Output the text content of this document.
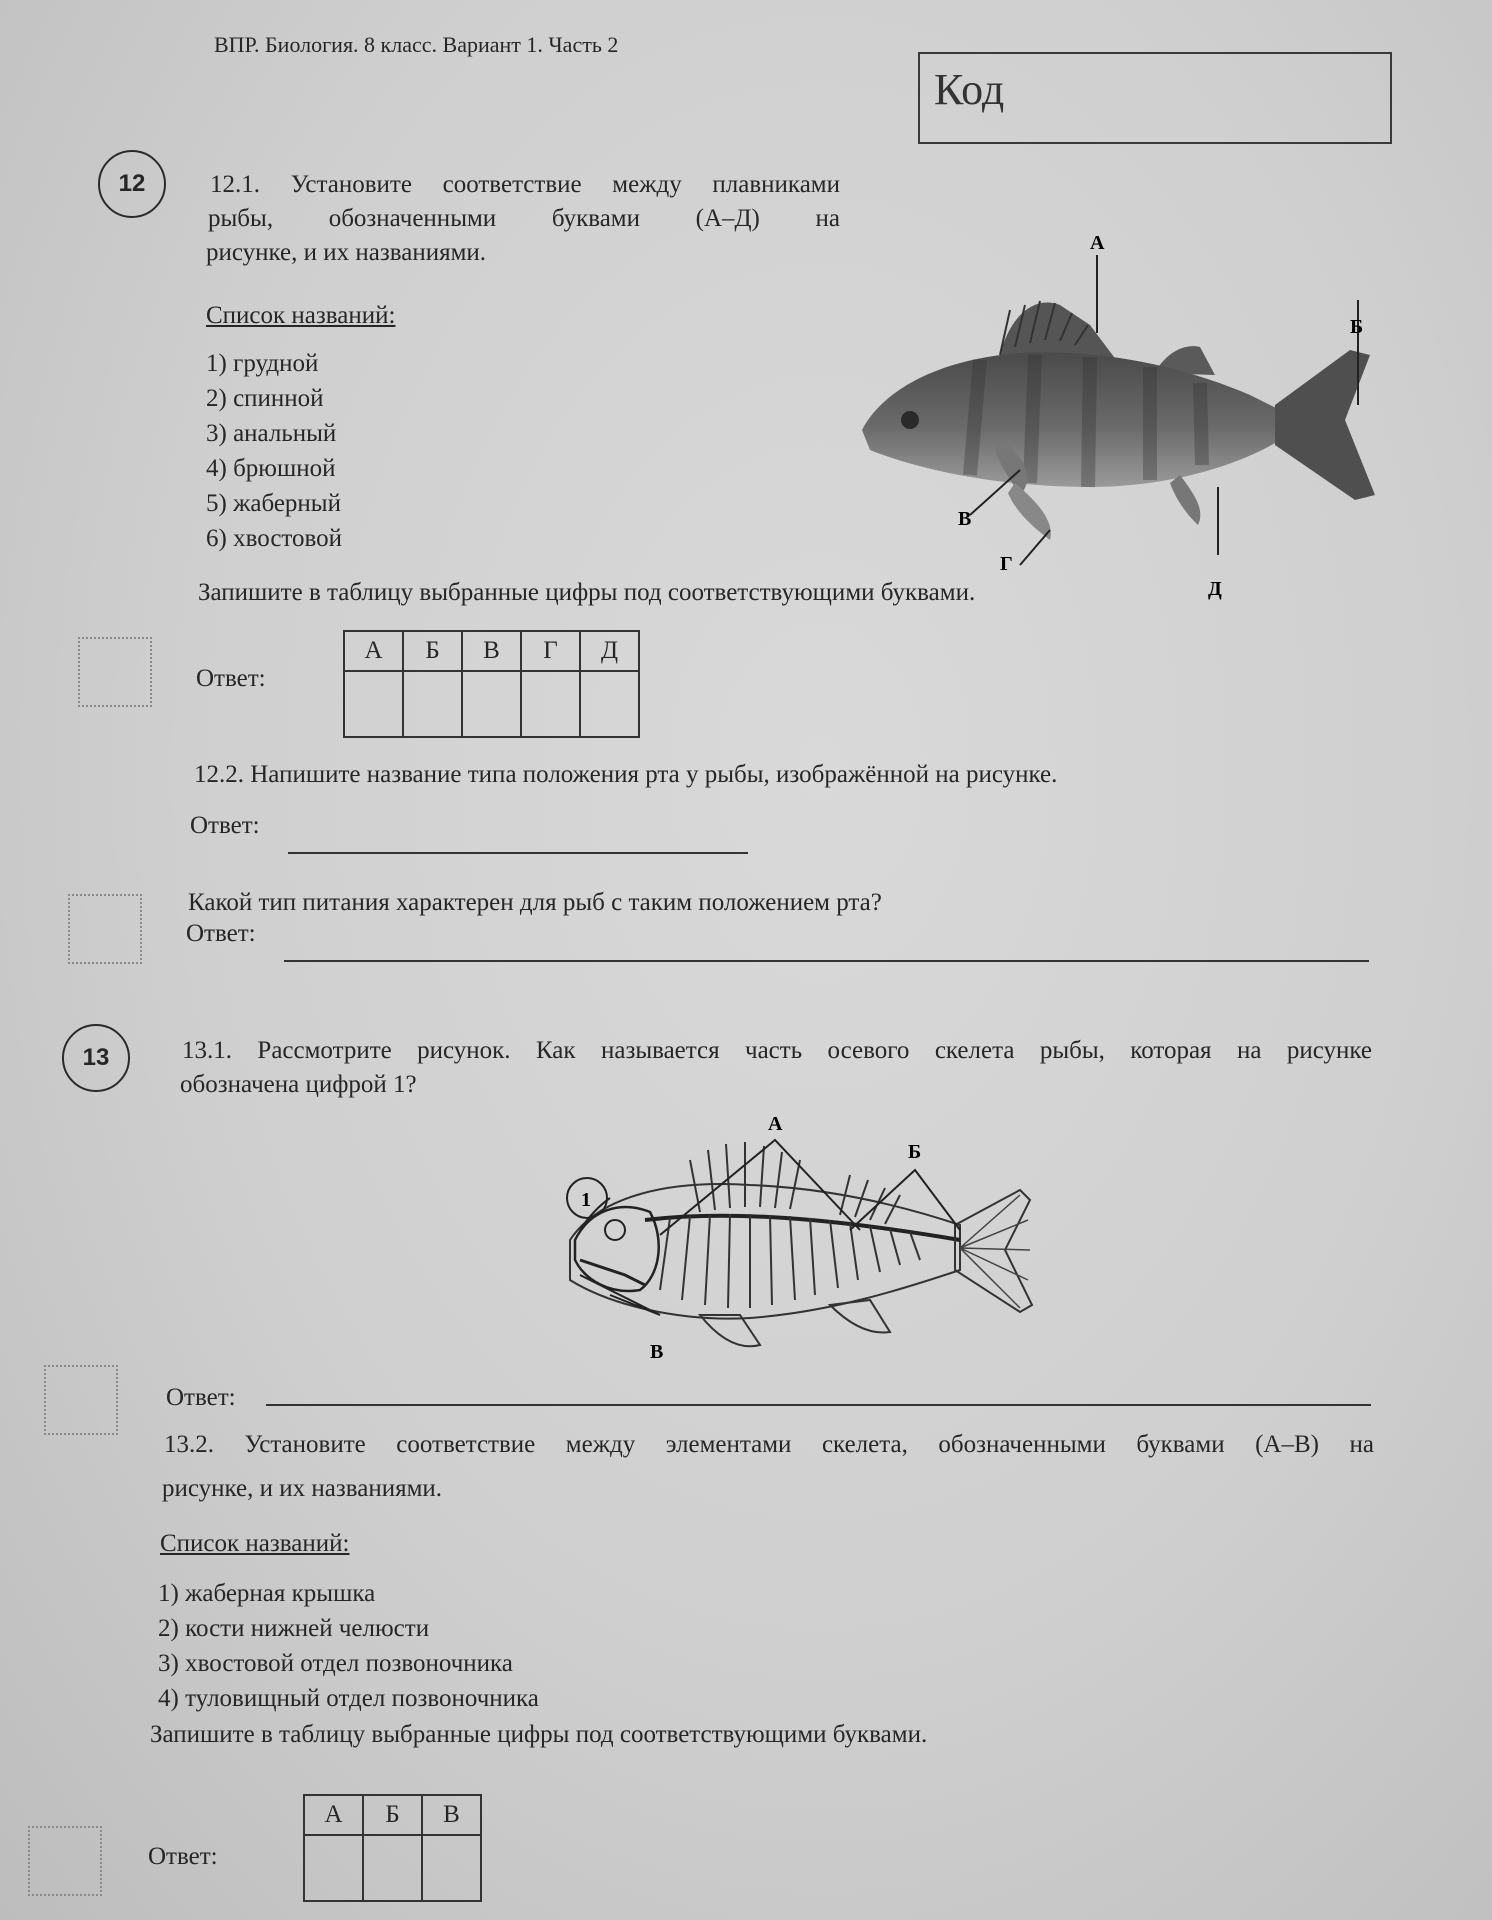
ВПР. Биология. 8 класс. Вариант 1. Часть 2
Код
12	12.1. Установите соответствие между плавниками
рыбы, обозначенными буквами (А–Д) на
рисунке, и их названиями.
Список названий:
1) грудной
2) спинной
3) анальный
4) брюшной
5) жаберный
6) хвостовой
А
Б
В
Г
Д
Запишите в таблицу выбранные цифры под соответствующими буквами.
Ответ:
А	Б	В	Г	Д

12.2. Напишите название типа положения рта у рыбы, изображённой на рисунке.
Ответ:
Какой тип питания характерен для рыб с таким положением рта?
Ответ:
13	13.1. Рассмотрите рисунок. Как называется часть осевого скелета рыбы, которая на рисунке
обозначена цифрой 1?
1
А
Б
В
Ответ:
13.2. Установите соответствие между элементами скелета, обозначенными буквами (А–В) на
рисунке, и их названиями.
Список названий:
1) жаберная крышка
2) кости нижней челюсти
3) хвостовой отдел позвоночника
4) туловищный отдел позвоночника
Запишите в таблицу выбранные цифры под соответствующими буквами.
Ответ:
А	Б	В
